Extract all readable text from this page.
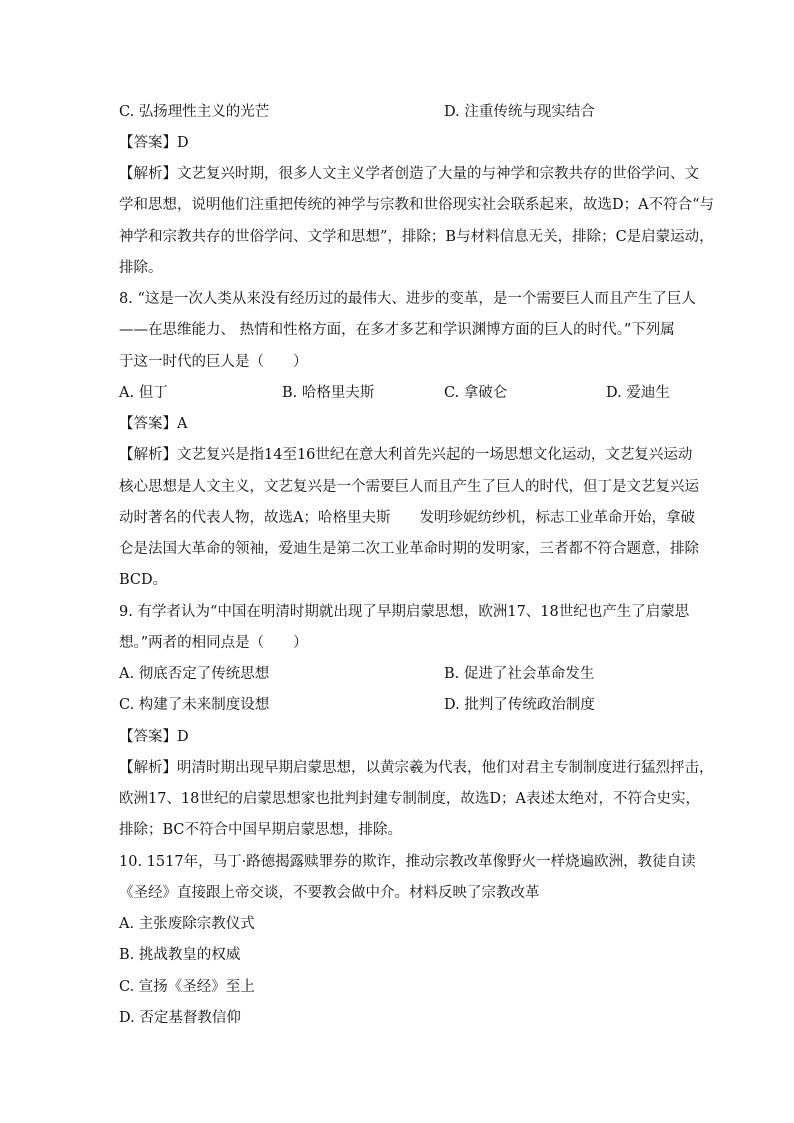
C. 弘扬理性主义的光芒	D. 注重传统与现实结合
【答案】D
【解析】文艺复兴时期，很多人文主义学者创造了大量的与神学和宗教共存的世俗学问、文
学和思想，说明他们注重把传统的神学与宗教和世俗现实社会联系起来，故选D；A不符合“与
神学和宗教共存的世俗学问、文学和思想”，排除；B与材料信息无关，排除；C是启蒙运动，
排除。
8. “这是一次人类从来没有经历过的最伟大、进步的变革，是一个需要巨人而且产生了巨人
——在思维能力、 热情和性格方面，在多才多艺和学识渊博方面的巨人的时代。”下列属
于这一时代的巨人是（　　）
A. 但丁	B. 哈格里夫斯	C. 拿破仑	D. 爱迪生
【答案】A
【解析】文艺复兴是指14至16世纪在意大利首先兴起的一场思想文化运动，文艺复兴运动
核心思想是人文主义，文艺复兴是一个需要巨人而且产生了巨人的时代，但丁是文艺复兴运
动时著名的代表人物，故选A；哈格里夫斯　　发明珍妮纺纱机，标志工业革命开始，拿破
仑是法国大革命的领袖，爱迪生是第二次工业革命时期的发明家，三者都不符合题意，排除
BCD。
9. 有学者认为“中国在明清时期就出现了早期启蒙思想，欧洲17、18世纪也产生了启蒙思
想。”两者的相同点是（　　）
A. 彻底否定了传统思想	B. 促进了社会革命发生
C. 构建了未来制度设想	D. 批判了传统政治制度
【答案】D
【解析】明清时期出现早期启蒙思想，以黄宗羲为代表，他们对君主专制制度进行猛烈抨击，
欧洲17、18世纪的启蒙思想家也批判封建专制制度，故选D；A表述太绝对，不符合史实，
排除；BC不符合中国早期启蒙思想，排除。
10. 1517年，马丁·路德揭露赎罪券的欺诈，推动宗教改革像野火一样烧遍欧洲，教徒自读
《圣经》直接跟上帝交谈，不要教会做中介。材料反映了宗教改革
A. 主张废除宗教仪式
B. 挑战教皇的权威
C. 宣扬《圣经》至上
D. 否定基督教信仰
